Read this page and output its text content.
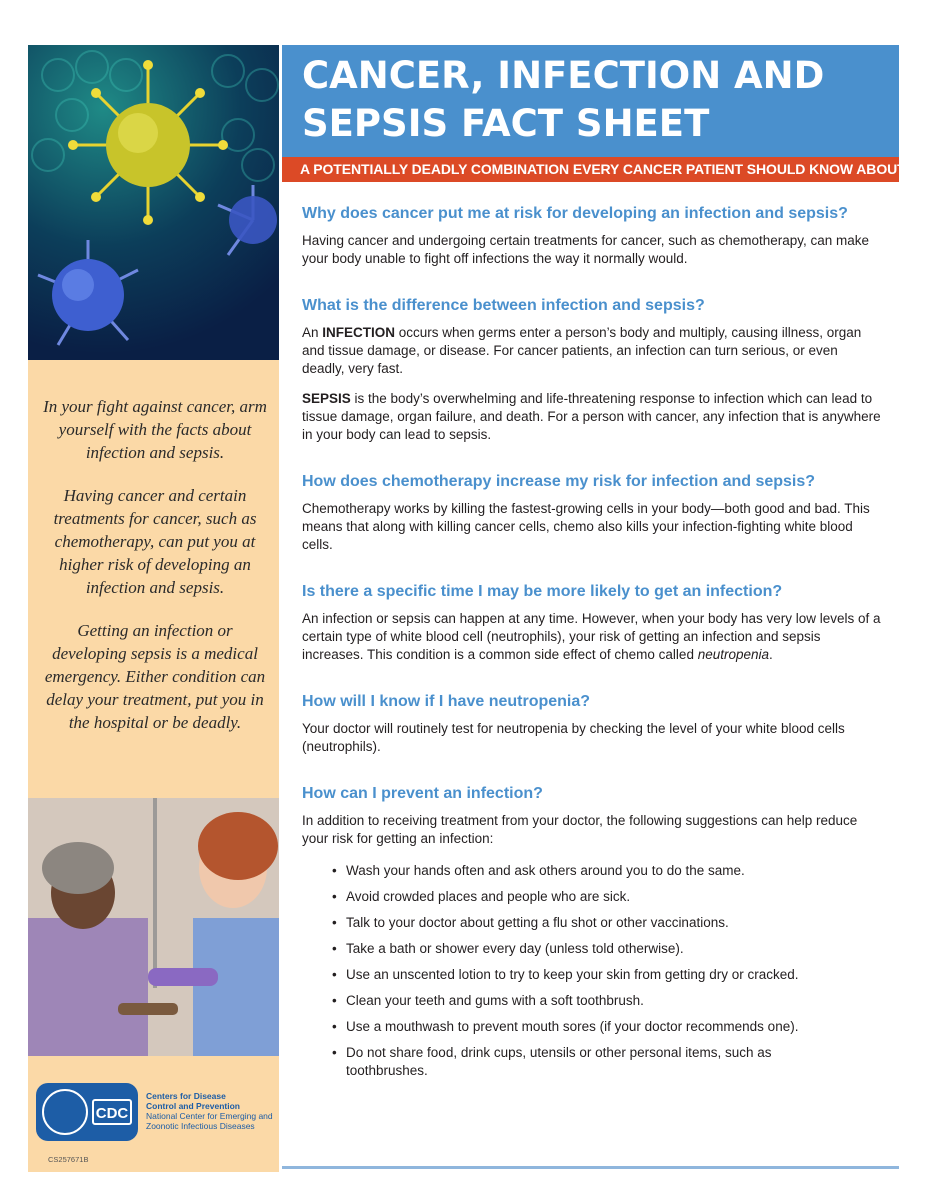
In your fight against cancer, arm yourself with the facts about infection and sepsis.

Having cancer and certain treatments for cancer, such as chemotherapy, can put you at higher risk of developing an infection and sepsis.

Getting an infection or developing sepsis is a medical emergency. Either condition can delay your treatment, put you in the hospital or be deadly.

CDC
Centers for Disease
Control and Prevention
National Center for Emerging and
Zoonotic Infectious Diseases
CS257671B
CANCER, INFECTION AND SEPSIS FACT SHEET
A POTENTIALLY DEADLY COMBINATION EVERY CANCER PATIENT SHOULD KNOW ABOUT
Why does cancer put me at risk for developing an infection and sepsis?

Having cancer and undergoing certain treatments for cancer, such as chemotherapy, can make your body unable to fight off infections the way it normally would.

What is the difference between infection and sepsis?

An INFECTION occurs when germs enter a person’s body and multiply, causing illness, organ and tissue damage, or disease. For cancer patients, an infection can turn serious, or even deadly, very fast.

SEPSIS is the body’s overwhelming and life-threatening response to infection which can lead to tissue damage, organ failure, and death. For a person with cancer, any infection that is anywhere in your body can lead to sepsis.

How does chemotherapy increase my risk for infection and sepsis?

Chemotherapy works by killing the fastest-growing cells in your body—both good and bad. This means that along with killing cancer cells, chemo also kills your infection-fighting white blood cells.

Is there a specific time I may be more likely to get an infection?

An infection or sepsis can happen at any time. However, when your body has very low levels of a certain type of white blood cell (neutrophils), your risk of getting an infection and sepsis increases. This condition is a common side effect of chemo called neutropenia.

How will I know if I have neutropenia?

Your doctor will routinely test for neutropenia by checking the level of your white blood cells (neutrophils).

How can I prevent an infection?

In addition to receiving treatment from your doctor, the following suggestions can help reduce your risk for getting an infection:

• Wash your hands often and ask others around you to do the same.
• Avoid crowded places and people who are sick.
• Talk to your doctor about getting a flu shot or other vaccinations.
• Take a bath or shower every day (unless told otherwise).
• Use an unscented lotion to try to keep your skin from getting dry or cracked.
• Clean your teeth and gums with a soft toothbrush.
• Use a mouthwash to prevent mouth sores (if your doctor recommends one).
• Do not share food, drink cups, utensils or other personal items, such as toothbrushes.
